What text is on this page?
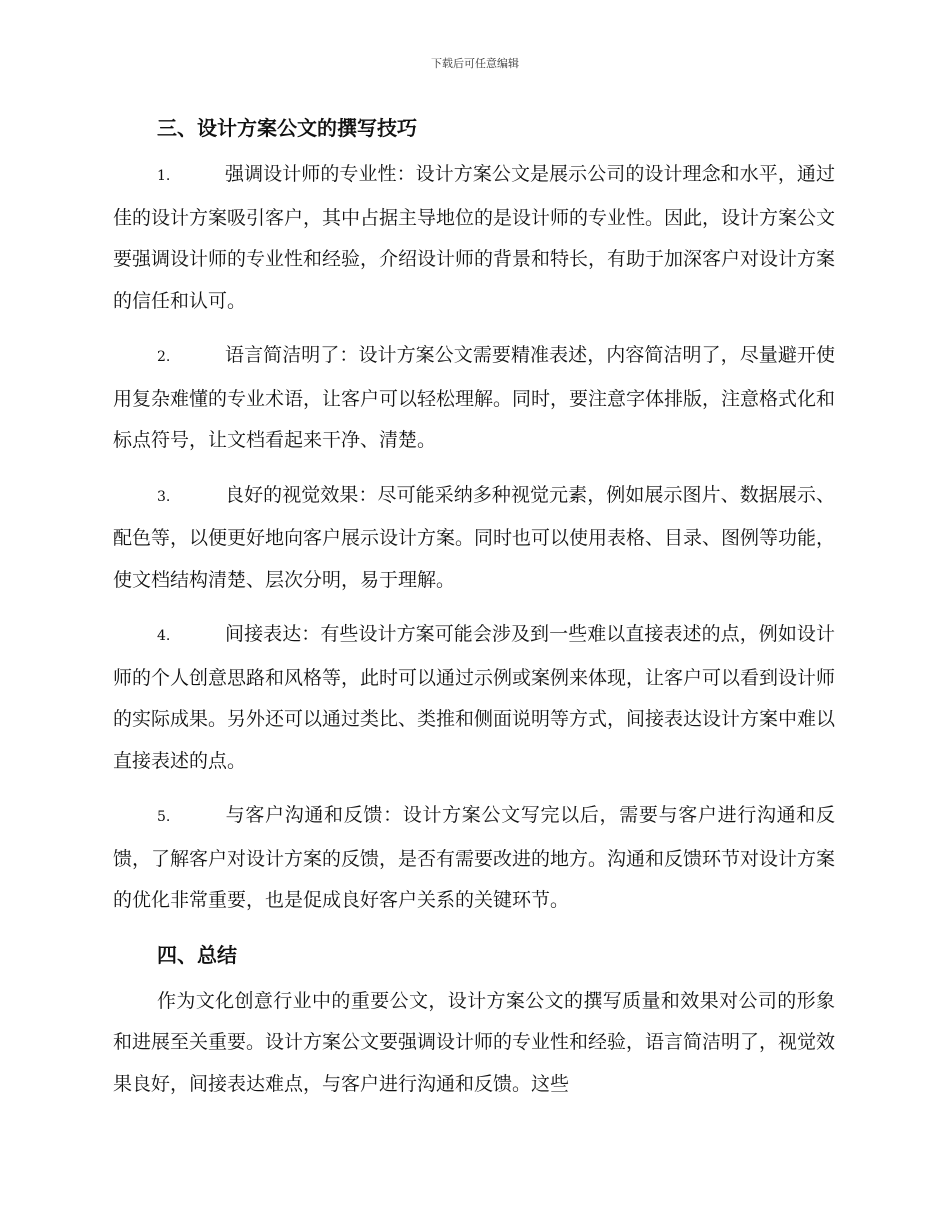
下载后可任意编辑
三、设计方案公文的撰写技巧

1.	强调设计师的专业性：设计方案公文是展示公司的设计理念和水平，通过佳的设计方案吸引客户，其中占据主导地位的是设计师的专业性。因此，设计方案公文要强调设计师的专业性和经验，介绍设计师的背景和特长，有助于加深客户对设计方案的信任和认可。

2.	语言简洁明了：设计方案公文需要精准表述，内容简洁明了，尽量避开使用复杂难懂的专业术语，让客户可以轻松理解。同时，要注意字体排版，注意格式化和标点符号，让文档看起来干净、清楚。

3.	良好的视觉效果：尽可能采纳多种视觉元素，例如展示图片、数据展示、配色等，以便更好地向客户展示设计方案。同时也可以使用表格、目录、图例等功能，使文档结构清楚、层次分明，易于理解。

4.	间接表达：有些设计方案可能会涉及到一些难以直接表述的点，例如设计师的个人创意思路和风格等，此时可以通过示例或案例来体现，让客户可以看到设计师的实际成果。另外还可以通过类比、类推和侧面说明等方式，间接表达设计方案中难以直接表述的点。

5.	与客户沟通和反馈：设计方案公文写完以后，需要与客户进行沟通和反馈，了解客户对设计方案的反馈，是否有需要改进的地方。沟通和反馈环节对设计方案的优化非常重要，也是促成良好客户关系的关键环节。

四、总结

作为文化创意行业中的重要公文，设计方案公文的撰写质量和效果对公司的形象和进展至关重要。设计方案公文要强调设计师的专业性和经验，语言简洁明了，视觉效果良好，间接表达难点，与客户进行沟通和反馈。这些
